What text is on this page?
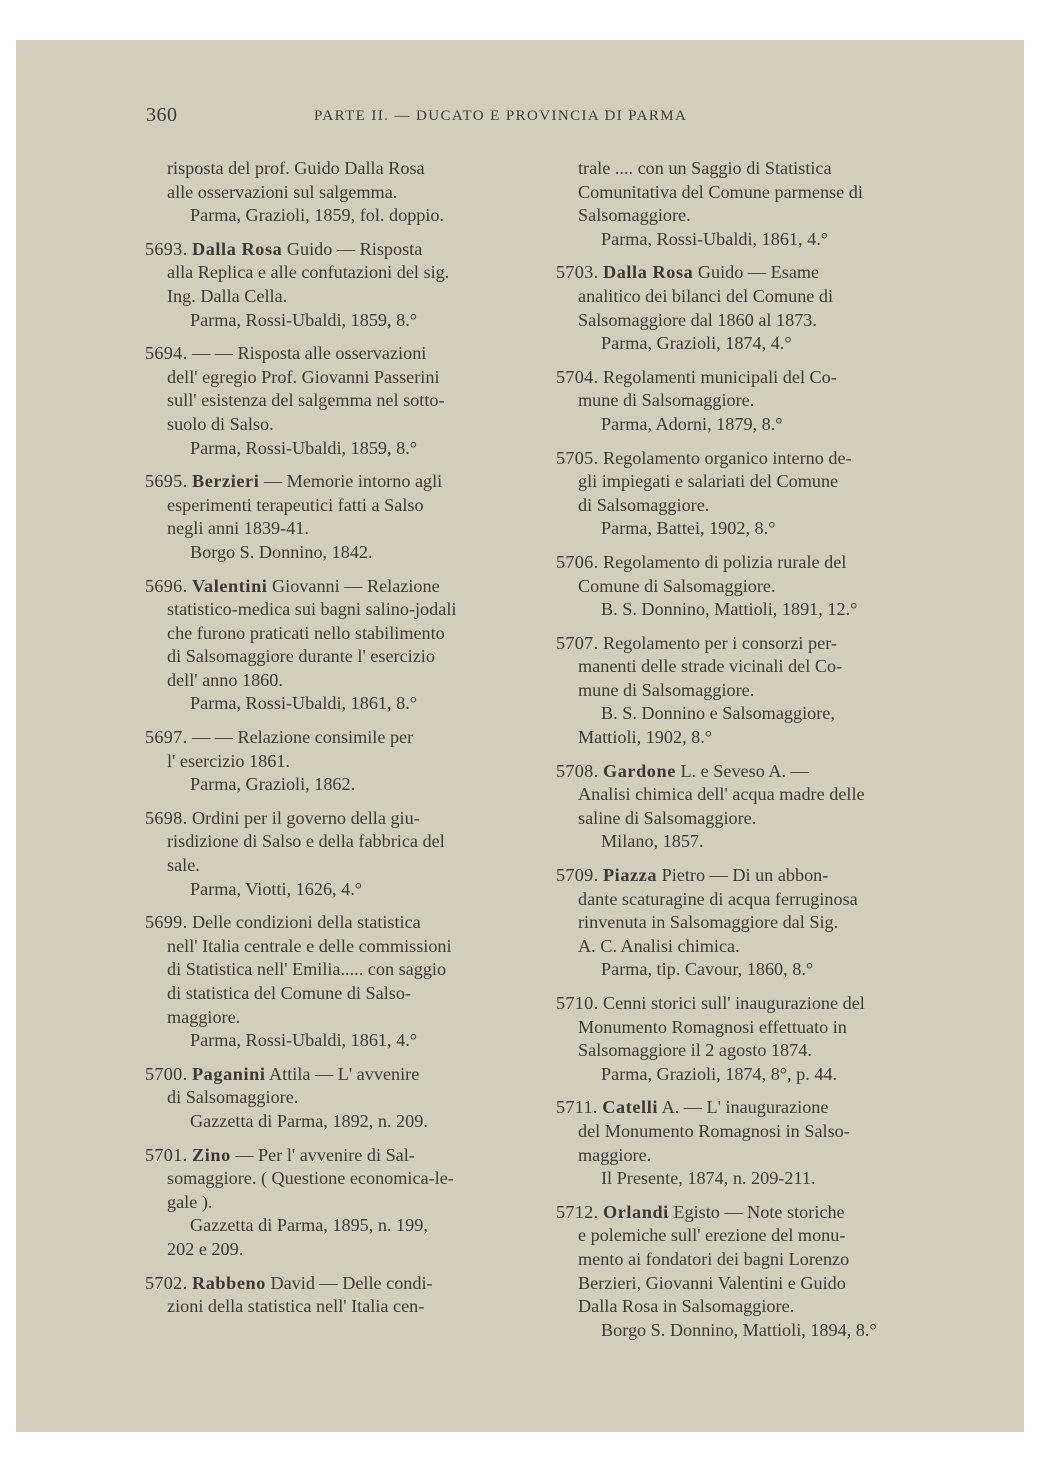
360	PARTE II. — DUCATO E PROVINCIA DI PARMA
risposta del prof. Guido Dalla Rosa
alle osservazioni sul salgemma.
Parma, Grazioli, 1859, fol. doppio.
5693. Dalla Rosa Guido — Risposta
alla Replica e alle confutazioni del sig.
Ing. Dalla Cella.
Parma, Rossi-Ubaldi, 1859, 8.°
5694. — — Risposta alle osservazioni
dell' egregio Prof. Giovanni Passerini
sull' esistenza del salgemma nel sotto-
suolo di Salso.
Parma, Rossi-Ubaldi, 1859, 8.°
5695. Berzieri — Memorie intorno agli
esperimenti terapeutici fatti a Salso
negli anni 1839-41.
Borgo S. Donnino, 1842.
5696. Valentini Giovanni — Relazione
statistico-medica sui bagni salino-jodali
che furono praticati nello stabilimento
di Salsomaggiore durante l' esercizio
dell' anno 1860.
Parma, Rossi-Ubaldi, 1861, 8.°
5697. — — Relazione consimile per
l' esercizio 1861.
Parma, Grazioli, 1862.
5698. Ordini per il governo della giu-
risdizione di Salso e della fabbrica del
sale.
Parma, Viotti, 1626, 4.°
5699. Delle condizioni della statistica
nell' Italia centrale e delle commissioni
di Statistica nell' Emilia..... con saggio
di statistica del Comune di Salso-
maggiore.
Parma, Rossi-Ubaldi, 1861, 4.°
5700. Paganini Attila — L' avvenire
di Salsomaggiore.
Gazzetta di Parma, 1892, n. 209.
5701. Zino — Per l' avvenire di Sal-
somaggiore. ( Questione economica-le-
gale ).
Gazzetta di Parma, 1895, n. 199,
202 e 209.
5702. Rabbeno David — Delle condi-
zioni della statistica nell' Italia cen-
trale .... con un Saggio di Statistica
Comunitativa del Comune parmense di
Salsomaggiore.
Parma, Rossi-Ubaldi, 1861, 4.°
5703. Dalla Rosa Guido — Esame
analitico dei bilanci del Comune di
Salsomaggiore dal 1860 al 1873.
Parma, Grazioli, 1874, 4.°
5704. Regolamenti municipali del Co-
mune di Salsomaggiore.
Parma, Adorni, 1879, 8.°
5705. Regolamento organico interno de-
gli impiegati e salariati del Comune
di Salsomaggiore.
Parma, Battei, 1902, 8.°
5706. Regolamento di polizia rurale del
Comune di Salsomaggiore.
B. S. Donnino, Mattioli, 1891, 12.°
5707. Regolamento per i consorzi per-
manenti delle strade vicinali del Co-
mune di Salsomaggiore.
B. S. Donnino e Salsomaggiore,
Mattioli, 1902, 8.°
5708. Gardone L. e Seveso A. —
Analisi chimica dell' acqua madre delle
saline di Salsomaggiore.
Milano, 1857.
5709. Piazza Pietro — Di un abbon-
dante scaturagine di acqua ferruginosa
rinvenuta in Salsomaggiore dal Sig.
A. C. Analisi chimica.
Parma, tip. Cavour, 1860, 8.°
5710. Cenni storici sull' inaugurazione del
Monumento Romagnosi effettuato in
Salsomaggiore il 2 agosto 1874.
Parma, Grazioli, 1874, 8°, p. 44.
5711. Catelli A. — L' inaugurazione
del Monumento Romagnosi in Salso-
maggiore.
Il Presente, 1874, n. 209-211.
5712. Orlandi Egisto — Note storiche
e polemiche sull' erezione del monu-
mento ai fondatori dei bagni Lorenzo
Berzieri, Giovanni Valentini e Guido
Dalla Rosa in Salsomaggiore.
Borgo S. Donnino, Mattioli, 1894, 8.°
